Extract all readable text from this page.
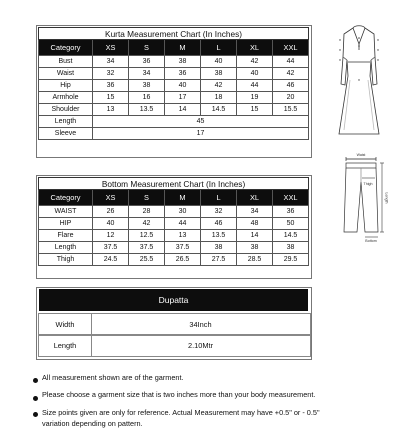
Kurta Measurement Chart (In Inches)						
Category	XS	S	M	L	XL	XXL
Bust	34	36	38	40	42	44
Waist	32	34	36	38	40	42
Hip	36	38	40	42	44	46
Armhole	15	16	17	18	19	20
Shoulder	13	13.5	14	14.5	15	15.5
Length	45					
Sleeve	17					
Bottom Measurement Chart (In Inches)						
Category	XS	S	M	L	XL	XXL
WAIST	26	28	30	32	34	36
HIP	40	42	44	46	48	50
Flare	12	12.5	13	13.5	14	14.5
Length	37.5	37.5	37.5	38	38	38
Thigh	24.5	25.5	26.5	27.5	28.5	29.5
Dupatta
Width	34Inch
Length	2.10Mtr
Waist
Thigh
Length
Bottom
All measurement shown are of the garment.
Please choose a garment size that is two inches more than your body measurement.
Size points given are only for reference. Actual Measurement may have +0.5" or - 0.5" variation depending on pattern.
